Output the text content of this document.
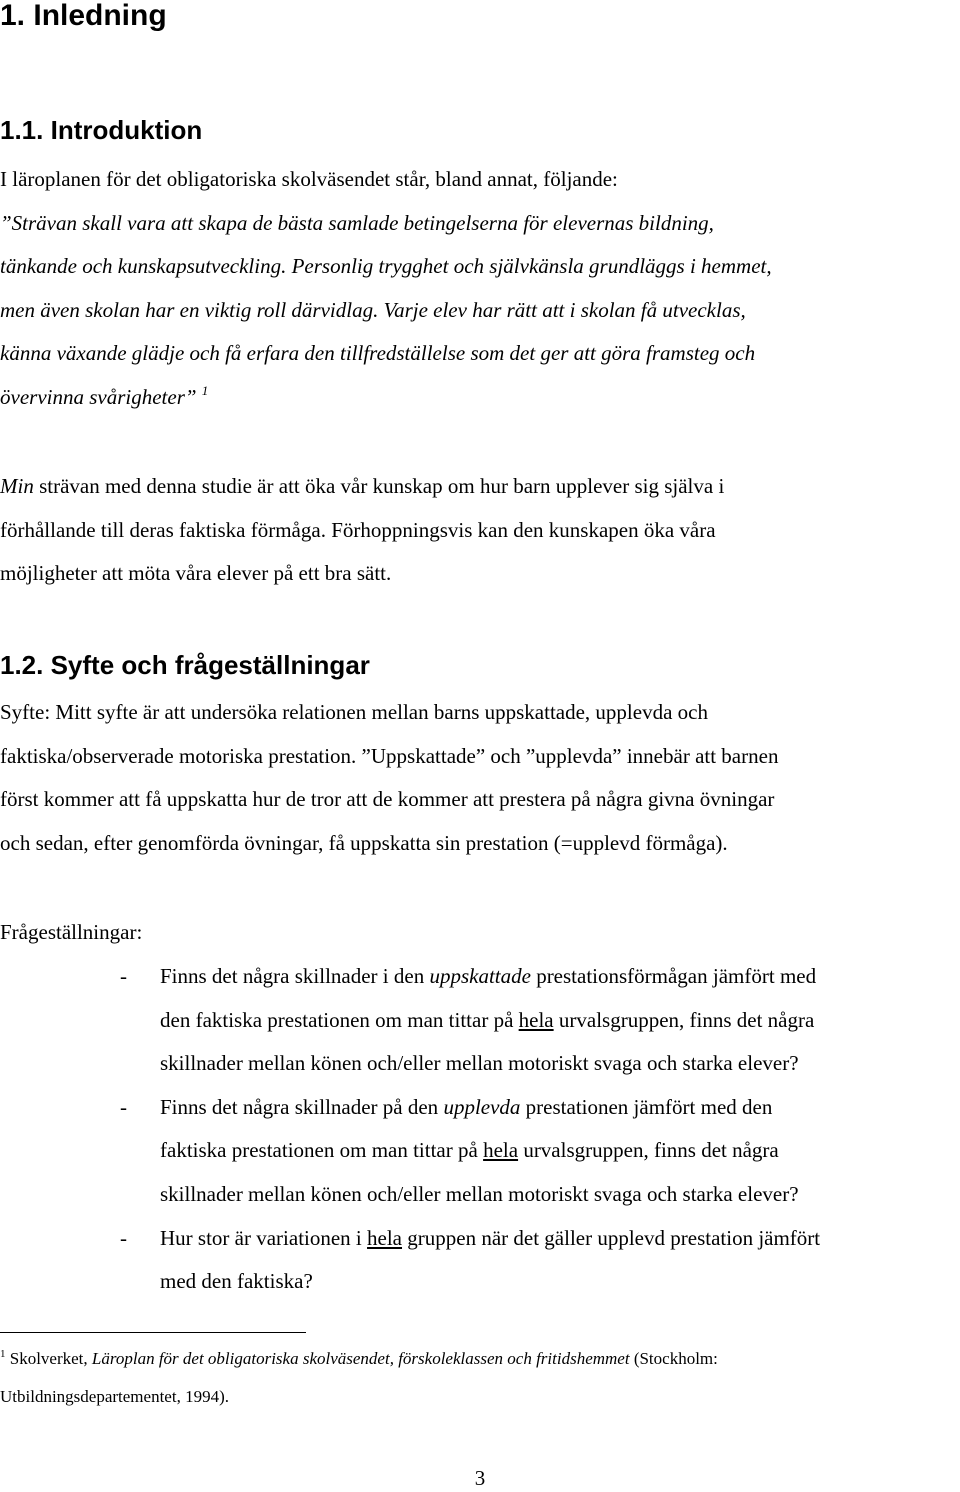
1. Inledning
1.1. Introduktion
I läroplanen för det obligatoriska skolväsendet står, bland annat, följande:
”Strävan skall vara att skapa de bästa samlade betingelserna för elevernas bildning,
tänkande och kunskapsutveckling. Personlig trygghet och självkänsla grundläggs i hemmet,
men även skolan har en viktig roll därvidlag. Varje elev har rätt att i skolan få utvecklas,
känna växande glädje och få erfara den tillfredställelse som det ger att göra framsteg och
övervinna svårigheter” $^1$
Min strävan med denna studie är att öka vår kunskap om hur barn upplever sig själva i
förhållande till deras faktiska förmåga. Förhoppningsvis kan den kunskapen öka våra
möjligheter att möta våra elever på ett bra sätt.
1.2. Syfte och frågeställningar
Syfte: Mitt syfte är att undersöka relationen mellan barns uppskattade, upplevda och
faktiska/observerade motoriska prestation. ”Uppskattade” och ”upplevda” innebär att barnen
först kommer att få uppskatta hur de tror att de kommer att prestera på några givna övningar
och sedan, efter genomförda övningar, få uppskatta sin prestation (=upplevd förmåga).
Frågeställningar:
- Finns det några skillnader i den uppskattade prestationsförmågan jämfört med
den faktiska prestationen om man tittar på hela urvalsgruppen, finns det några
skillnader mellan könen och/eller mellan motoriskt svaga och starka elever?
- Finns det några skillnader på den upplevda prestationen jämfört med den
faktiska prestationen om man tittar på hela urvalsgruppen, finns det några
skillnader mellan könen och/eller mellan motoriskt svaga och starka elever?
- Hur stor är variationen i hela gruppen när det gäller upplevd prestation jämfört
med den faktiska?
$^1$ Skolverket, Läroplan för det obligatoriska skolväsendet, förskoleklassen och fritidshemmet (Stockholm:
Utbildningsdepartementet, 1994).
3
